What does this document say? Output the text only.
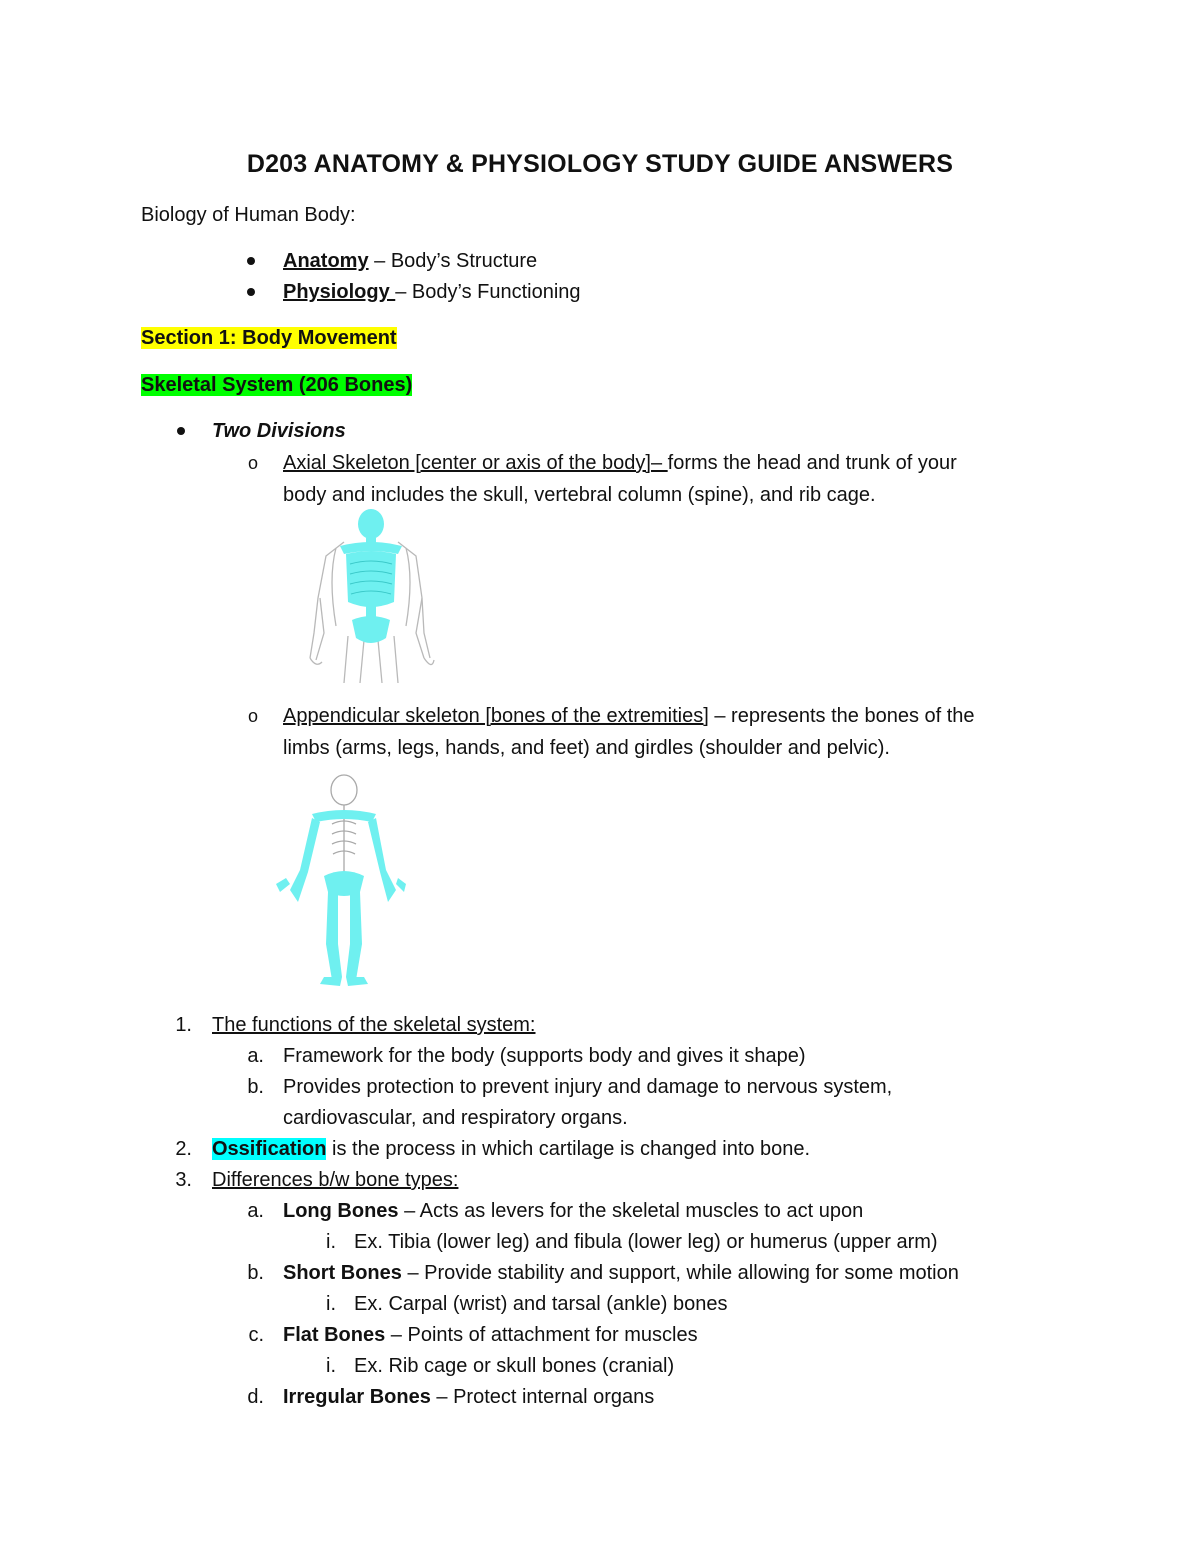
D203 ANATOMY & PHYSIOLOGY STUDY GUIDE ANSWERS
Biology of Human Body:
Anatomy – Body’s Structure
Physiology – Body’s Functioning
Section 1: Body Movement
Skeletal System (206 Bones)
Two Divisions
o Axial Skeleton [center or axis of the body]– forms the head and trunk of your
body and includes the skull, vertebral column (spine), and rib cage.
o Appendicular skeleton [bones of the extremities] – represents the bones of the
limbs (arms, legs, hands, and feet) and girdles (shoulder and pelvic).
1. The functions of the skeletal system:
a. Framework for the body (supports body and gives it shape)
b. Provides protection to prevent injury and damage to nervous system,
cardiovascular, and respiratory organs.
2. Ossification is the process in which cartilage is changed into bone.
3. Differences b/w bone types:
a. Long Bones – Acts as levers for the skeletal muscles to act upon
i. Ex. Tibia (lower leg) and fibula (lower leg) or humerus (upper arm)
b. Short Bones – Provide stability and support, while allowing for some motion
i. Ex. Carpal (wrist) and tarsal (ankle) bones
c. Flat Bones – Points of attachment for muscles
i. Ex. Rib cage or skull bones (cranial)
d. Irregular Bones – Protect internal organs
